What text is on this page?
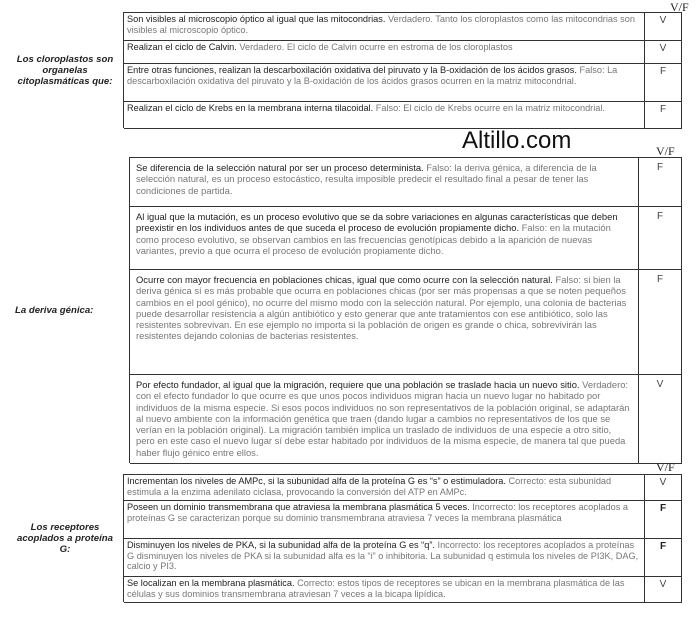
V/F
Los cloroplastos son organelas citoplasmáticas que:	Son visibles al microscopio óptico al igual que las mitocondrias. Verdadero. Tanto los cloroplastos como las mitocondrias son visibles al microscopio óptico.	V
	Realizan el ciclo de Calvin. Verdadero. El ciclo de Calvin ocurre en estroma de los cloroplastos	V
	Entre otras funciones, realizan la descarboxilación oxidativa del piruvato y la B-oxidación de los ácidos grasos. Falso: La descarboxilación oxidativa del piruvato y la B-oxidación de los ácidos grasos ocurren en la matriz mitocondrial.	F
	Realizan el ciclo de Krebs en la membrana interna tilacoidal. Falso: El ciclo de Krebs ocurre en la matriz mitocondrial.	F
Altillo.com	V/F
La deriva génica:	Se diferencia de la selección natural por ser un proceso determinista. Falso: la deriva génica, a diferencia de la selección natural, es un proceso estocástico, resulta imposible predecir el resultado final a pesar de tener las condiciones de partida.	F
	Al igual que la mutación, es un proceso evolutivo que se da sobre variaciones en algunas características que deben preexistir en los individuos antes de que suceda el proceso de evolución propiamente dicho. Falso: en la mutación como proceso evolutivo, se observan cambios en las frecuencias genotípicas debido a la aparición de nuevas variantes, previo a que ocurra el proceso de evolución propiamente dicho.	F
	Ocurre con mayor frecuencia en poblaciones chicas, igual que como ocurre con la selección natural. Falso: si bien la deriva génica sí es más probable que ocurra en poblaciones chicas (por ser más propensas a que se noten pequeños cambios en el pool génico), no ocurre del mismo modo con la selección natural. Por ejemplo, una colonia de bacterias puede desarrollar resistencia a algún antibiótico y esto generar que ante tratamientos con ese antibiótico, solo las resistentes sobrevivan. En ese ejemplo no importa si la población de origen es grande o chica, sobrevivirán las resistentes dejando colonias de bacterias resistentes.	F
	Por efecto fundador, al igual que la migración, requiere que una población se traslade hacia un nuevo sitio. Verdadero: con el efecto fundador lo que ocurre es que unos pocos individuos migran hacia un nuevo lugar no habitado por individuos de la misma especie. Si esos pocos individuos no son representativos de la población original, se adaptarán al nuevo ambiente con la información genética que traen (dando lugar a cambios no representativos de los que se verían en la población original). La migración también implica un traslado de individuos de una especie a otro sitio, pero en este caso el nuevo lugar sí debe estar habitado por individuos de la misma especie, de manera tal que pueda haber flujo génico entre ellos.	V
V/F
Los receptores acoplados a proteína G:	Incrementan los niveles de AMPc, si la subunidad alfa de la proteína G es “s” o estimuladora. Correcto: esta subunidad estimula a la enzima adenilato ciclasa, provocando la conversión del ATP en AMPc.	V
	Poseen un dominio transmembrana que atraviesa la membrana plasmática 5 veces. Incorrecto: los receptores acoplados a proteínas G se caracterizan porque su dominio transmembrana atraviesa 7 veces la membrana plasmática	F
	Disminuyen los niveles de PKA, si la subunidad alfa de la proteína G es “q”. Incorrecto: los receptores acoplados a proteínas G disminuyen los niveles de PKA si la subunidad alfa es la “i” o inhibitoria. La subunidad q estimula los niveles de PI3K, DAG, calcio y PI3.	F
	Se localizan en la membrana plasmática. Correcto: estos tipos de receptores se ubican en la membrana plasmática de las células y sus dominios transmembrana atraviesan 7 veces a la bicapa lipídica.	V
